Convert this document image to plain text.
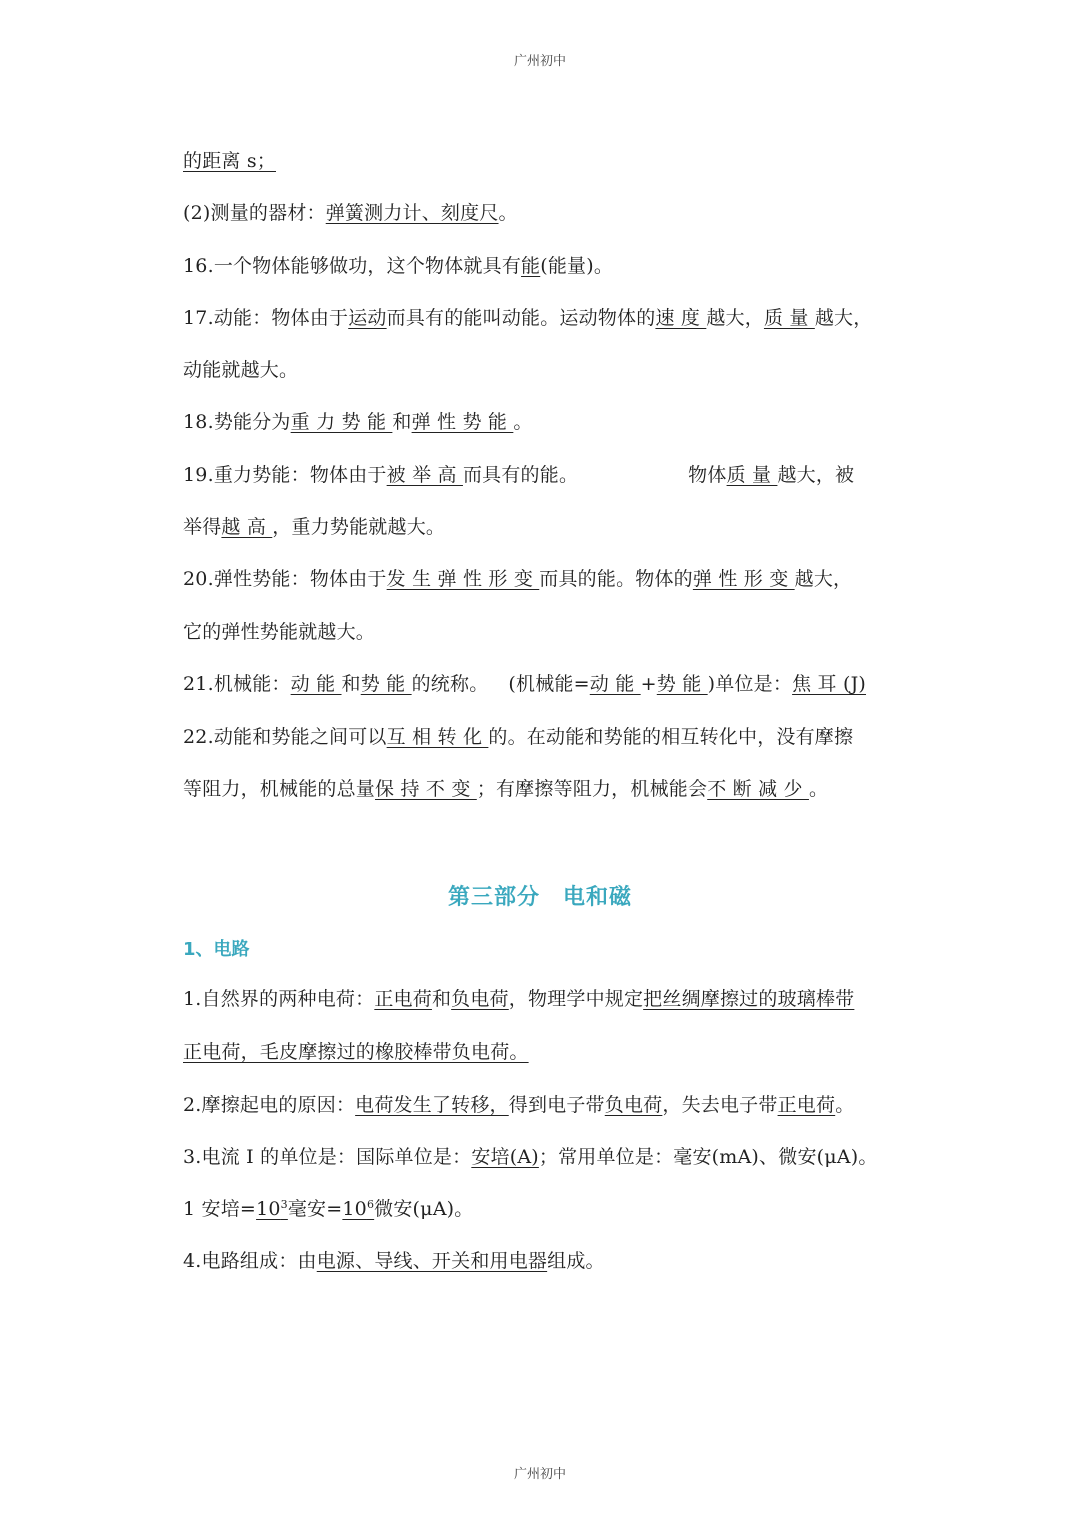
广州初中
的距离 s；
(2)测量的器材：弹簧测力计、刻度尺。
16.一个物体能够做功，这个物体就具有能(能量)。
17.动能：物体由于运动而具有的能叫动能。运动物体的速 度 越大，质 量 越大，
动能就越大。
18.势能分为重 力 势 能 和弹 性 势 能 。
19.重力势能：物体由于被 举 高 而具有的能。	物体质 量 越大，被
举得越 高 ，重力势能就越大。
20.弹性势能：物体由于发 生 弹 性 形 变 而具的能。物体的弹 性 形 变 越大，
它的弹性势能就越大。
21.机械能：动 能 和势 能 的统称。 (机械能=动 能 +势 能 )单位是：焦 耳 (J)
22.动能和势能之间可以互 相 转 化 的。在动能和势能的相互转化中，没有摩擦
等阻力，机械能的总量保 持 不 变 ；有摩擦等阻力，机械能会不 断 减 少 。
第三部分　电和磁
1、电路
1.自然界的两种电荷：正电荷和负电荷，物理学中规定把丝绸摩擦过的玻璃棒带
正电荷，毛皮摩擦过的橡胶棒带负电荷。
2.摩擦起电的原因：电荷发生了转移，得到电子带负电荷，失去电子带正电荷。
3.电流 I 的单位是：国际单位是：安培(A)；常用单位是：毫安(mA)、微安(μA)。
1 安培$=10^3$毫安$=10^6$微安(μA)。
4.电路组成：由电源、导线、开关和用电器组成。
广州初中
